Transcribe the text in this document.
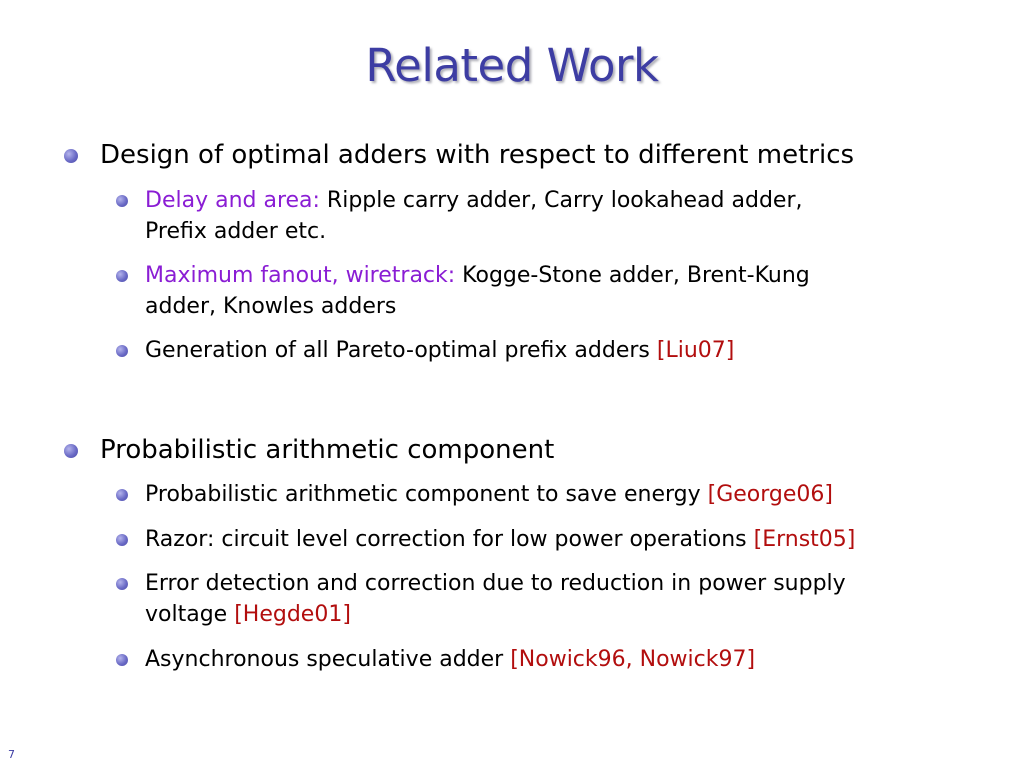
Related Work
Design of optimal adders with respect to different metrics
Delay and area: Ripple carry adder, Carry lookahead adder,
Prefix adder etc.
Maximum fanout, wiretrack: Kogge-Stone adder, Brent-Kung
adder, Knowles adders
Generation of all Pareto-optimal prefix adders [Liu07]
Probabilistic arithmetic component
Probabilistic arithmetic component to save energy [George06]
Razor: circuit level correction for low power operations [Ernst05]
Error detection and correction due to reduction in power supply
voltage [Hegde01]
Asynchronous speculative adder [Nowick96, Nowick97]
7
